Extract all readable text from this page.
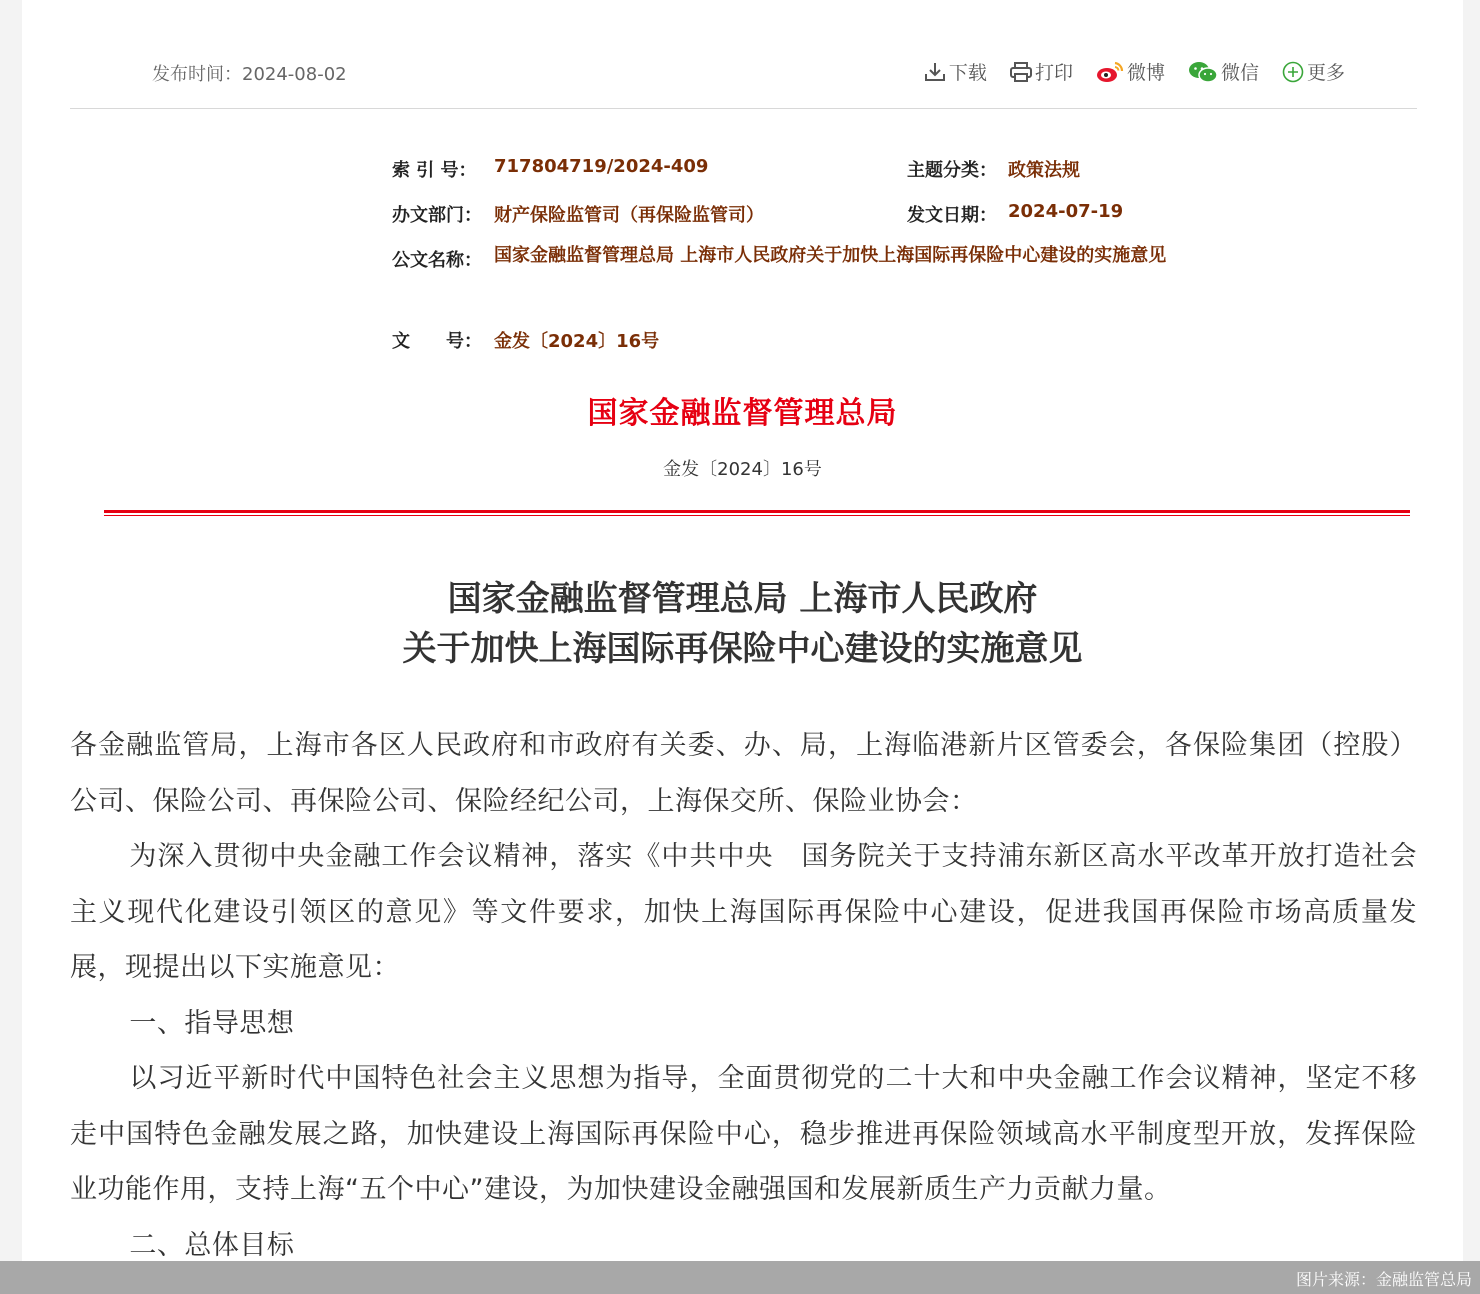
发布时间：2024-08-02	下载	打印	微博	微信	更多
索 引 号： 717804719/2024-409	主题分类： 政策法规
办文部门： 财产保险监管司（再保险监管司）	发文日期： 2024-07-19
公文名称： 国家金融监督管理总局 上海市人民政府关于加快上海国际再保险中心建设的实施意见
文　　号： 金发〔2024〕16号
国家金融监督管理总局
金发〔2024〕16号
国家金融监督管理总局 上海市人民政府
关于加快上海国际再保险中心建设的实施意见

各金融监管局，上海市各区人民政府和市政府有关委、办、局，上海临港新片区管委会，各保险集团（控股）公司、保险公司、再保险公司、保险经纪公司，上海保交所、保险业协会：

为深入贯彻中央金融工作会议精神，落实《中共中央　国务院关于支持浦东新区高水平改革开放打造社会主义现代化建设引领区的意见》等文件要求，加快上海国际再保险中心建设，促进我国再保险市场高质量发展，现提出以下实施意见：

一、指导思想

以习近平新时代中国特色社会主义思想为指导，全面贯彻党的二十大和中央金融工作会议精神，坚定不移走中国特色金融发展之路，加快建设上海国际再保险中心，稳步推进再保险领域高水平制度型开放，发挥保险业功能作用，支持上海“五个中心”建设，为加快建设金融强国和发展新质生产力贡献力量。

二、总体目标

图片来源：金融监管总局
